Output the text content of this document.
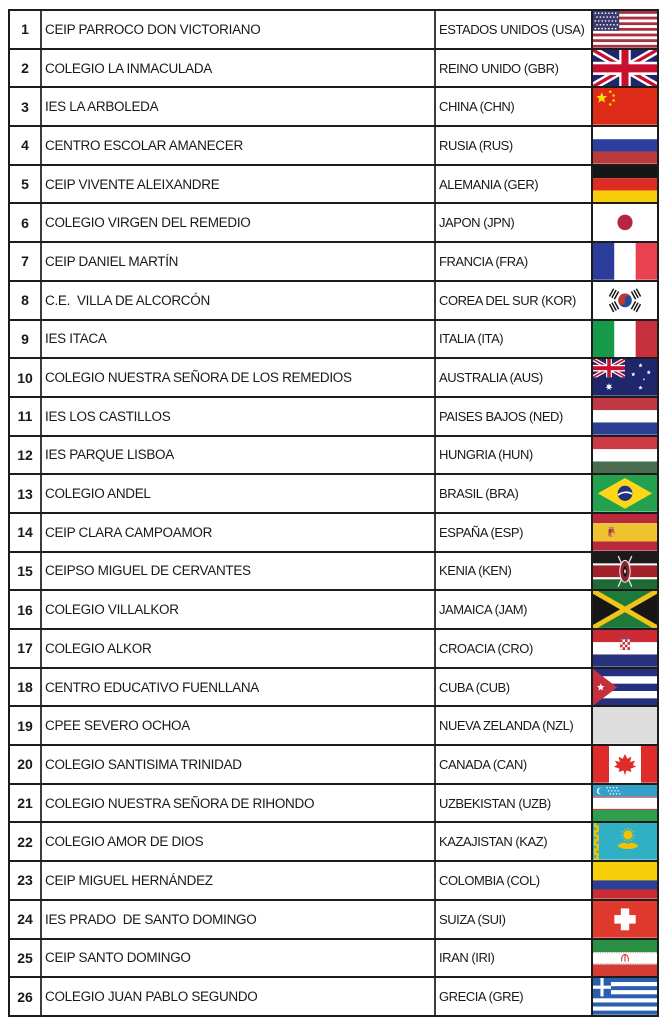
1	CEIP PARROCO DON VICTORIANO	ESTADOS UNIDOS (USA)
2	COLEGIO LA INMACULADA	REINO UNIDO (GBR)
3	IES LA ARBOLEDA	CHINA (CHN)
4	CENTRO ESCOLAR AMANECER	RUSIA (RUS)
5	CEIP VIVENTE ALEIXANDRE	ALEMANIA (GER)
6	COLEGIO VIRGEN DEL REMEDIO	JAPON (JPN)
7	CEIP DANIEL MARTÍN	FRANCIA (FRA)
8	C.E.  VILLA DE ALCORCÓN	COREA DEL SUR (KOR)
9	IES ITACA	ITALIA (ITA)
10 COLEGIO NUESTRA SEÑORA DE LOS REMEDIOS	AUSTRALIA (AUS)
11 IES LOS CASTILLOS	PAISES BAJOS (NED)
12 IES PARQUE LISBOA	HUNGRIA (HUN)
13 COLEGIO ANDEL	BRASIL (BRA)
14 CEIP CLARA CAMPOAMOR	ESPAÑA (ESP)
15 CEIPSO MIGUEL DE CERVANTES	KENIA (KEN)
16 COLEGIO VILLALKOR	JAMAICA (JAM)
17 COLEGIO ALKOR	CROACIA (CRO)
18 CENTRO EDUCATIVO FUENLLANA	CUBA (CUB)
19 CPEE SEVERO OCHOA	NUEVA ZELANDA (NZL)
20 COLEGIO SANTISIMA TRINIDAD	CANADA (CAN)
21 COLEGIO NUESTRA SEÑORA DE RIHONDO	UZBEKISTAN (UZB)
22 COLEGIO AMOR DE DIOS	KAZAJISTAN (KAZ)
23 CEIP MIGUEL HERNÁNDEZ	COLOMBIA (COL)
24 IES PRADO  DE SANTO DOMINGO	SUIZA (SUI)
25 CEIP SANTO DOMINGO	IRAN (IRI)
26 COLEGIO JUAN PABLO SEGUNDO	GRECIA (GRE)
